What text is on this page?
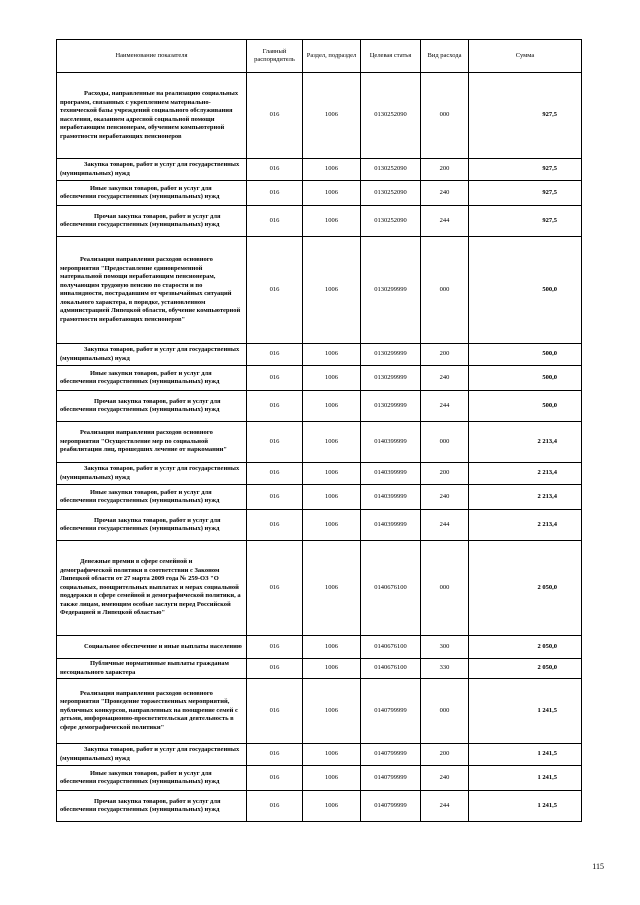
Наименование показателя	Главный распорядитель	Раздел, подраздел	Целевая статья	Вид расхода	Сумма
Расходы, направленные на реализацию социальных программ, связанных с укреплением материально-технической базы учреждений социального обслуживания населения, оказанием адресной социальной помощи неработающим пенсионерам, обучением компьютерной грамотности неработающих пенсионеров	016	1006	0130252090	000	927,5
Закупка товаров, работ и услуг для государственных (муниципальных) нужд	016	1006	0130252090	200	927,5
Иные закупки товаров, работ и услуг для обеспечения государственных (муниципальных) нужд	016	1006	0130252090	240	927,5
Прочая закупка товаров, работ и услуг для обеспечения государственных (муниципальных) нужд	016	1006	0130252090	244	927,5
Реализация направления расходов основного мероприятия "Предоставление единовременной материальной помощи неработающим пенсионерам, получающим трудовую пенсию по старости и по инвалидности, пострадавшим от чрезвычайных ситуаций локального характера, в порядке, установленном администрацией Липецкой области, обучение компьютерной грамотности неработающих пенсионеров"	016	1006	0130299999	000	500,0
Закупка товаров, работ и услуг для государственных (муниципальных) нужд	016	1006	0130299999	200	500,0
Иные закупки товаров, работ и услуг для обеспечения государственных (муниципальных) нужд	016	1006	0130299999	240	500,0
Прочая закупка товаров, работ и услуг для обеспечения государственных (муниципальных) нужд	016	1006	0130299999	244	500,0
Реализация направления расходов основного мероприятия "Осуществление мер по социальной реабилитации лиц, прошедших лечение от наркомании"	016	1006	0140399999	000	2 213,4
Закупка товаров, работ и услуг для государственных (муниципальных) нужд	016	1006	0140399999	200	2 213,4
Иные закупки товаров, работ и услуг для обеспечения государственных (муниципальных) нужд	016	1006	0140399999	240	2 213,4
Прочая закупка товаров, работ и услуг для обеспечения государственных (муниципальных) нужд	016	1006	0140399999	244	2 213,4
Денежные премии в сфере семейной и демографической политики в соответствии с Законом Липецкой области от 27 марта 2009 года № 259-ОЗ "О социальных, поощрительных выплатах и мерах социальной поддержки в сфере семейной и демографической политики, а также лицам, имеющим особые заслуги перед Российской Федерацией и Липецкой областью"	016	1006	0140676100	000	2 050,0
Социальное обеспечение и иные выплаты населению	016	1006	0140676100	300	2 050,0
Публичные нормативные выплаты гражданам несоциального характера	016	1006	0140676100	330	2 050,0
Реализация направления расходов основного мероприятия "Проведение торжественных мероприятий, публичных конкурсов, направленных на поощрение семей с детьми, информационно-просветительская деятельность в сфере демографической политики"	016	1006	0140799999	000	1 241,5
Закупка товаров, работ и услуг для государственных (муниципальных) нужд	016	1006	0140799999	200	1 241,5
Иные закупки товаров, работ и услуг для обеспечения государственных (муниципальных) нужд	016	1006	0140799999	240	1 241,5
Прочая закупка товаров, работ и услуг для обеспечения государственных (муниципальных) нужд	016	1006	0140799999	244	1 241,5
115
